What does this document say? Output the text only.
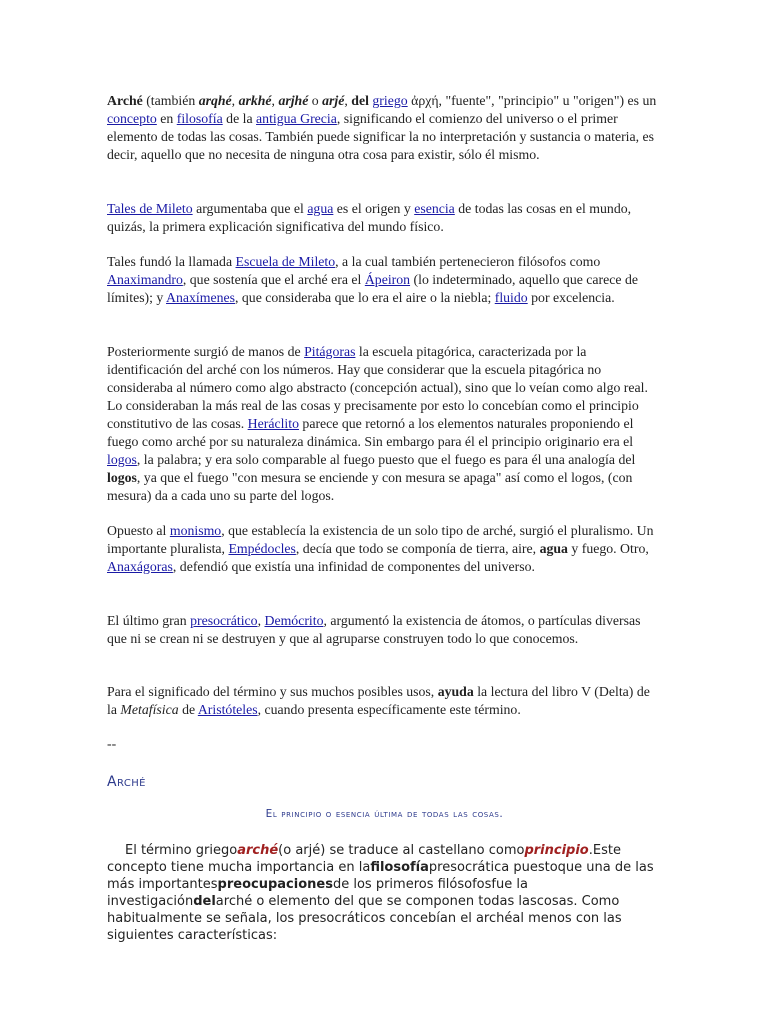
Arché (también arqhé, arkhé, arjhé o arjé, del griego ἀρχή, "fuente", "principio" u "origen") es un concepto en filosofía de la antigua Grecia, significando el comienzo del universo o el primer elemento de todas las cosas. También puede significar la no interpretación y sustancia o materia, es decir, aquello que no necesita de ninguna otra cosa para existir, sólo él mismo.

Tales de Mileto argumentaba que el agua es el origen y esencia de todas las cosas en el mundo, quizás, la primera explicación significativa del mundo físico.

Tales fundó la llamada Escuela de Mileto, a la cual también pertenecieron filósofos como Anaximandro, que sostenía que el arché era el Ápeiron (lo indeterminado, aquello que carece de límites); y Anaxímenes, que consideraba que lo era el aire o la niebla; fluido por excelencia.

Posteriormente surgió de manos de Pitágoras la escuela pitagórica, caracterizada por la identificación del arché con los números. Hay que considerar que la escuela pitagórica no consideraba al número como algo abstracto (concepción actual), sino que lo veían como algo real. Lo consideraban la más real de las cosas y precisamente por esto lo concebían como el principio constitutivo de las cosas. Heráclito parece que retornó a los elementos naturales proponiendo el fuego como arché por su naturaleza dinámica. Sin embargo para él el principio originario era el logos, la palabra; y era solo comparable al fuego puesto que el fuego es para él una analogía del logos, ya que el fuego "con mesura se enciende y con mesura se apaga" así como el logos, (con mesura) da a cada uno su parte del logos.

Opuesto al monismo, que establecía la existencia de un solo tipo de arché, surgió el pluralismo. Un importante pluralista, Empédocles, decía que todo se componía de tierra, aire, agua y fuego. Otro, Anaxágoras, defendió que existía una infinidad de componentes del universo.

El último gran presocrático, Demócrito, argumentó la existencia de átomos, o partículas diversas que ni se crean ni se destruyen y que al agruparse construyen todo lo que conocemos.

Para el significado del término y sus muchos posibles usos, ayuda la lectura del libro V (Delta) de la Metafísica de Aristóteles, cuando presenta específicamente este término.

--

Arché

El principio o esencia última de todas las cosas.

El término griegoarché(o arjé) se traduce al castellano comoprincipio.Este concepto tiene mucha importancia en lafilosofíapresocrática puestoque una de las más importantespreocupacionesde los primeros filósofosfue la investigacióndelarché o elemento del que se componen todas lascosas. Como habitualmente se señala, los presocráticos concebían el archéal menos con las siguientes características:
